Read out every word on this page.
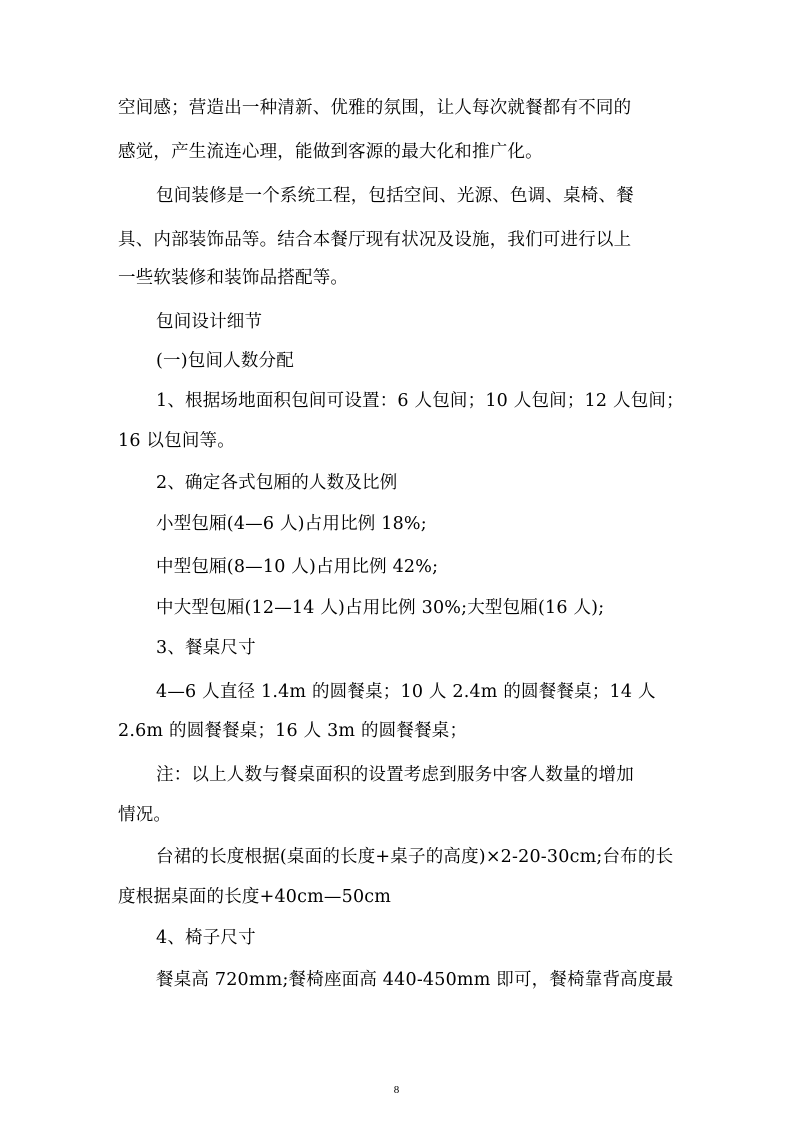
空间感；营造出一种清新、优雅的氛围，让人每次就餐都有不同的
感觉，产生流连心理，能做到客源的最大化和推广化。
包间装修是一个系统工程，包括空间、光源、色调、桌椅、餐
具、内部装饰品等。结合本餐厅现有状况及设施，我们可进行以上
一些软装修和装饰品搭配等。
包间设计细节
(一)包间人数分配
1、根据场地面积包间可设置：6 人包间；10 人包间；12 人包间；
16 以包间等。
2、确定各式包厢的人数及比例
小型包厢(4—6 人)占用比例 18%;
中型包厢(8—10 人)占用比例 42%;
中大型包厢(12—14 人)占用比例 30%;大型包厢(16 人);
3、餐桌尺寸
4—6 人直径 1.4m 的圆餐桌；10 人 2.4m 的圆餐餐桌；14 人
2.6m 的圆餐餐桌；16 人 3m 的圆餐餐桌；
注：以上人数与餐桌面积的设置考虑到服务中客人数量的增加
情况。
台裙的长度根据(桌面的长度+桌子的高度)×2-20-30cm;台布的长
度根据桌面的长度+40cm—50cm
4、椅子尺寸
餐桌高 720mm;餐椅座面高 440-450mm 即可，餐椅靠背高度最
8
